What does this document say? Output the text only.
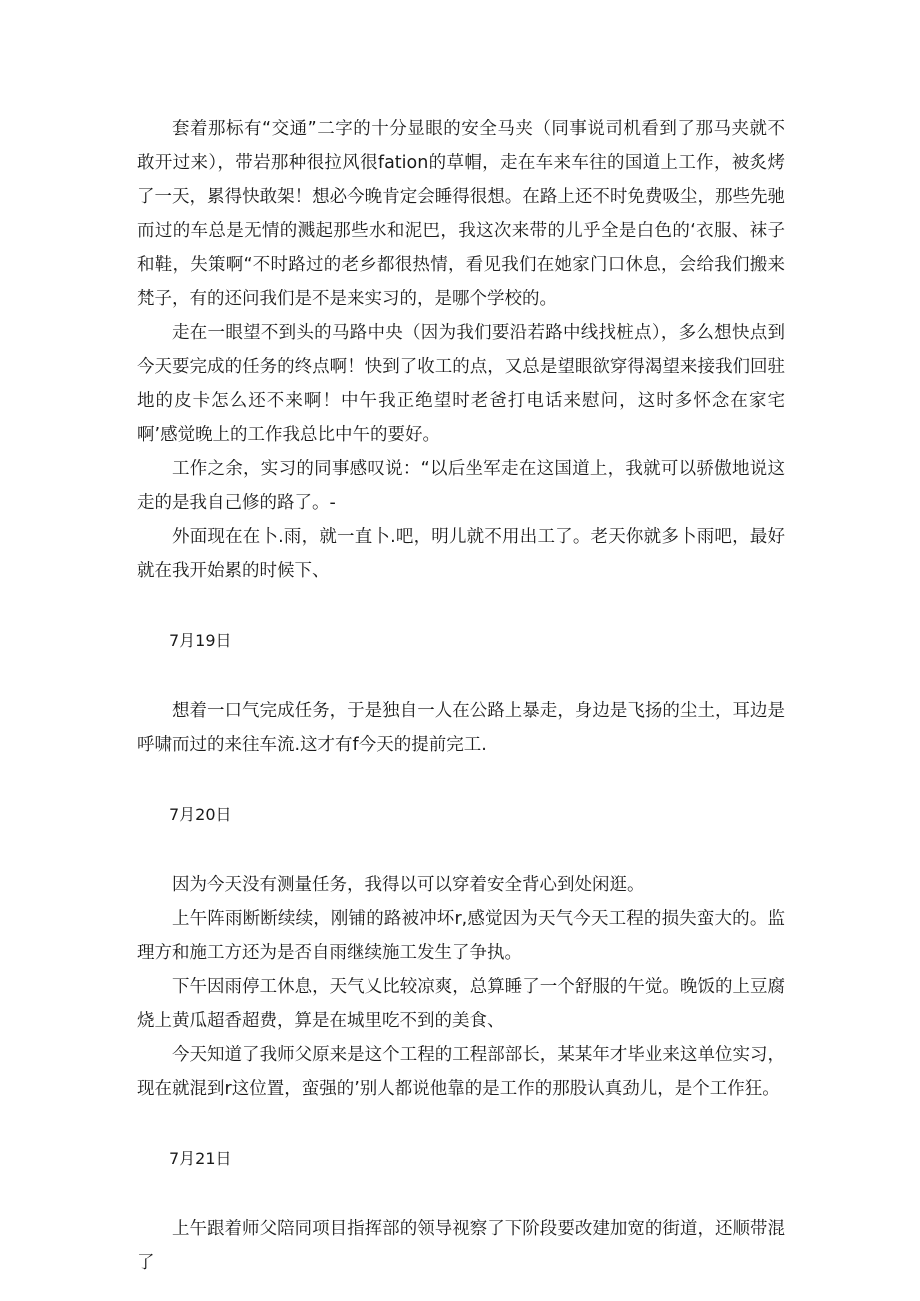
套着那标有“交通”二字的十分显眼的安全马夹（同事说司机看到了那马夹就不敢开过来），带岩那种很拉风很fation的草帽，走在车来车往的国道上工作，被炙烤了一天，累得快敢架！想必今晚肯定会睡得很想。在路上还不时免费吸尘，那些先驰而过的车总是无情的溅起那些水和泥巴，我这次来带的儿乎全是白色的‘衣服、袜子和鞋，失策啊“不时路过的老乡都很热情，看见我们在她家门口休息，会给我们搬来梵子，有的还问我们是不是来实习的，是哪个学校的。

走在一眼望不到头的马路中央（因为我们要沿若路中线找桩点），多么想快点到今天要完成的任务的终点啊！快到了收工的点，又总是望眼欲穿得渴望来接我们回驻地的皮卡怎么还不来啊！中午我正绝望时老爸打电话来慰问，这时多怀念在家宅啊’感觉晚上的工作我总比中午的要好。

工作之余，实习的同事感叹说：“以后坐军走在这国道上，我就可以骄傲地说这走的是我自己修的路了。-

外面现在在卜.雨，就一直卜.吧，明儿就不用出工了。老天你就多卜雨吧，最好就在我开始累的时候下、

7月19日

想着一口气完成任务，于是独自一人在公路上暴走，身边是飞扬的尘土，耳边是呼啸而过的来往车流.这才有f今天的提前完工.

7月20日

因为今天没有测量任务，我得以可以穿着安全背心到处闲逛。

上午阵雨断断续续，刚铺的路被冲坏r,感觉因为天气今天工程的损失蛮大的。监理方和施工方还为是否自雨继续施工发生了争执。

下午因雨停工休息，天气乂比较凉爽，总算睡了一个舒服的午觉。晚饭的上豆腐烧上黄瓜超香超费，算是在城里吃不到的美食、

今天知道了我师父原来是这个工程的工程部部长，某某年才毕业来这单位实习，现在就混到r这位置，蛮强的’别人都说他靠的是工作的那股认真劲儿，是个工作狂。

7月21日

上午跟着师父陪同项目指挥部的领导视察了下阶段要改建加宽的街道，还顺带混了
